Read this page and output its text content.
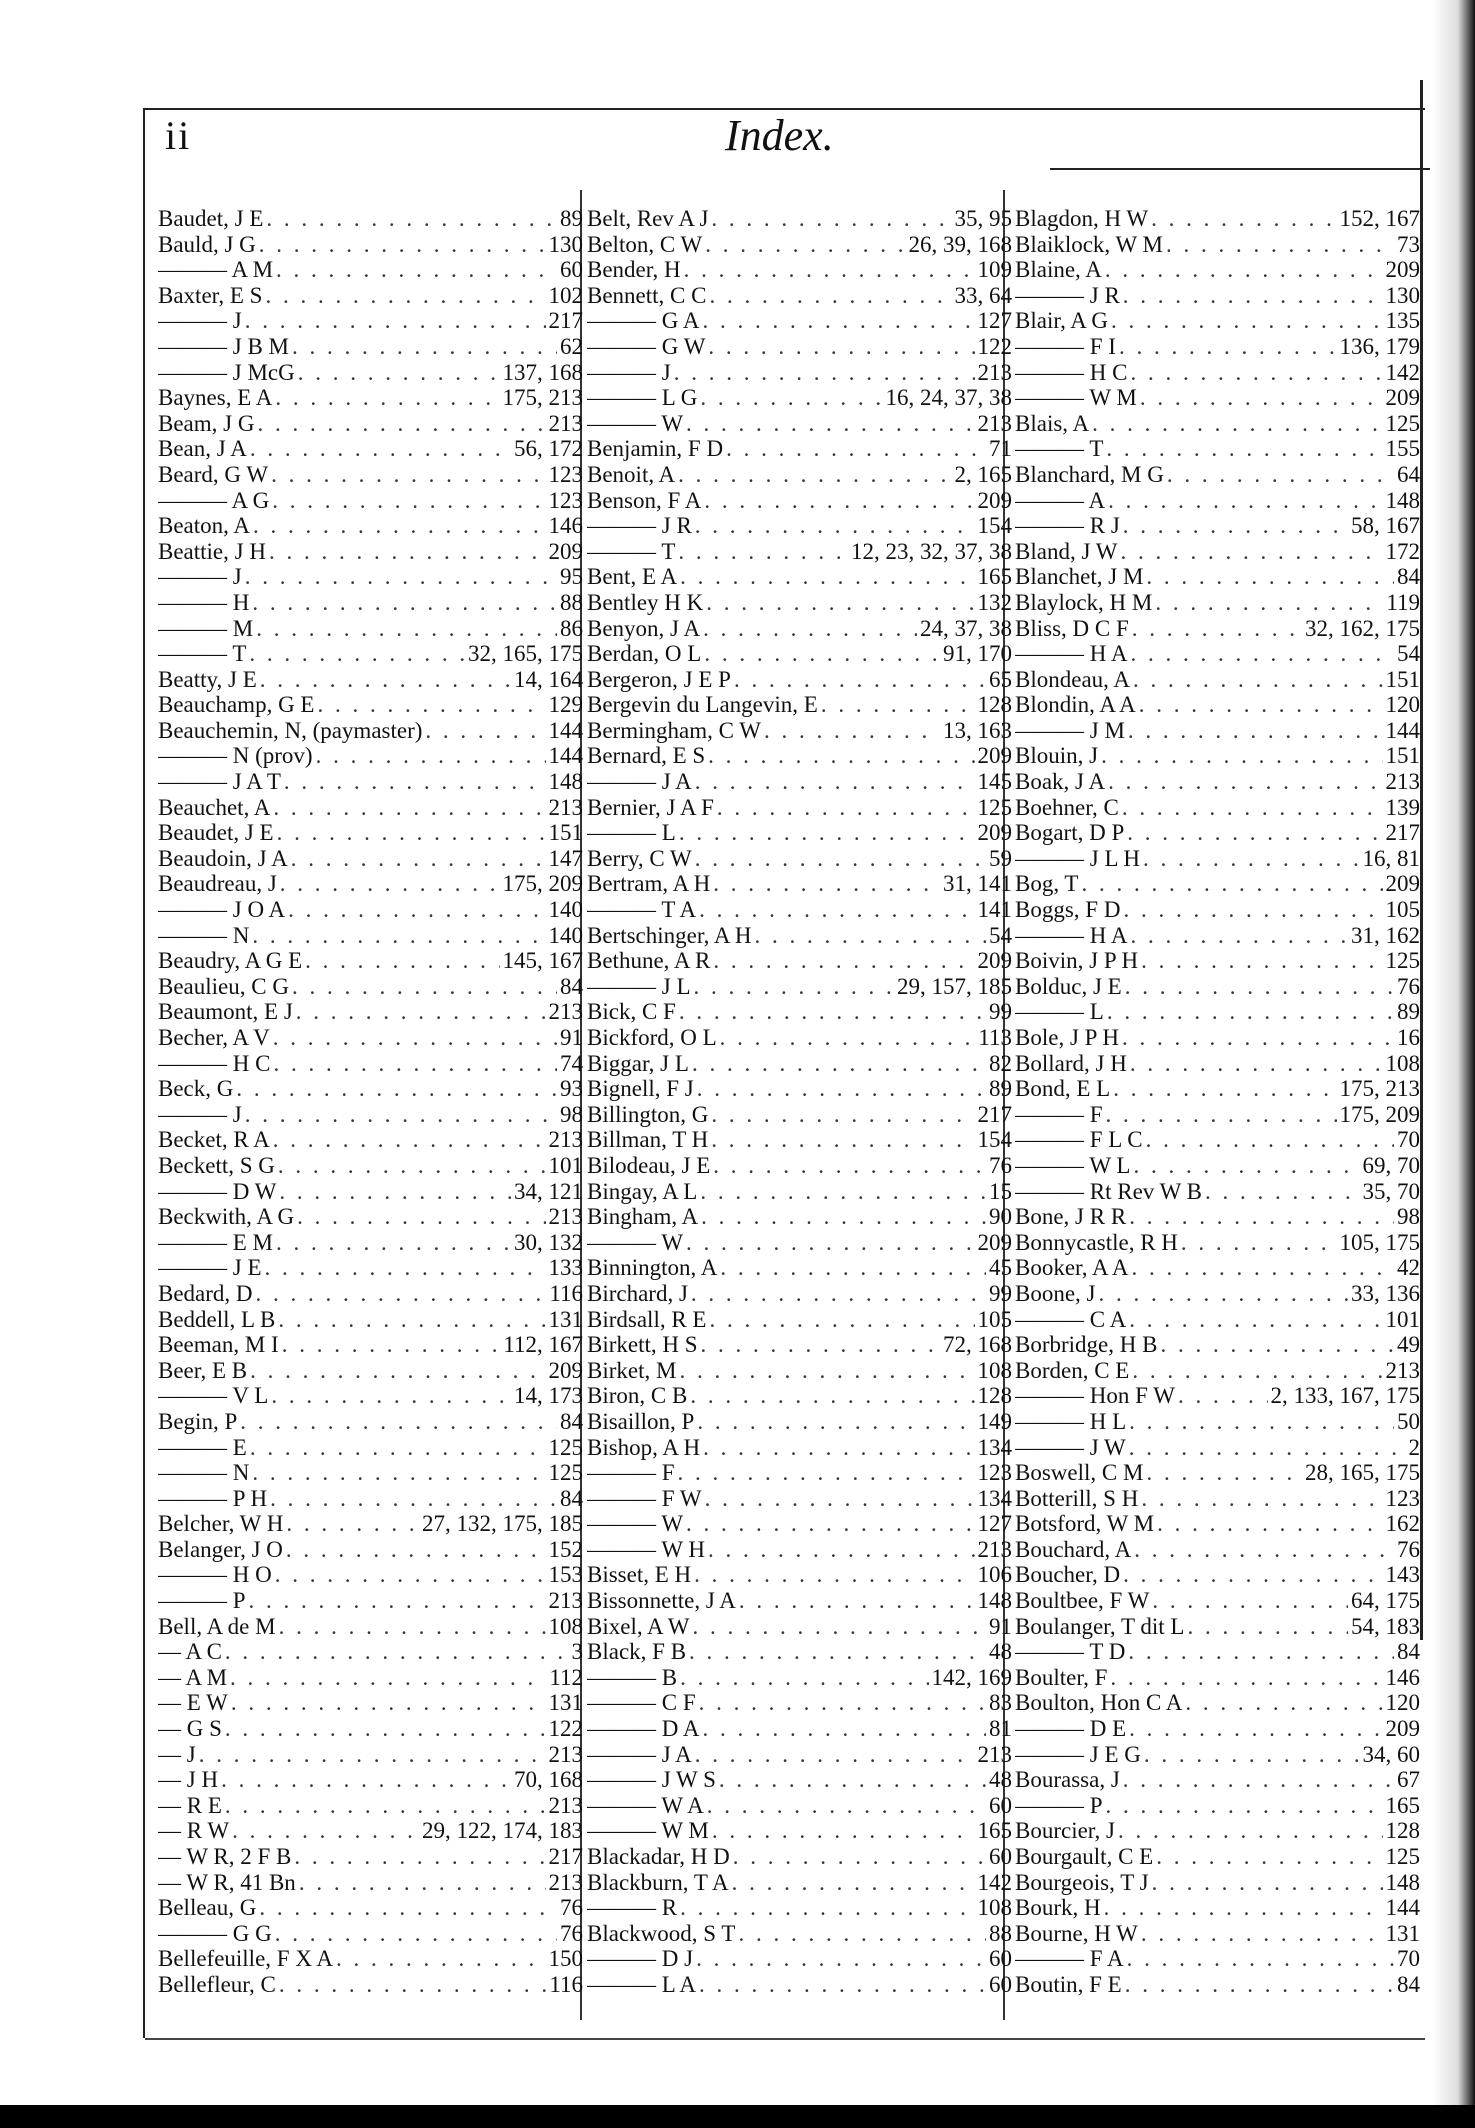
ii	Index.
Baudet, J E . . .	89
Bauld, J G . . .	130
——— A M . . .	60
Baxter, E S . . .	102
——— J . . .	217
——— J B M . . .	62
——— J McG . . .	137, 168
Baynes, E A . . .	175, 213
Beam, J G . . .	213
Bean, J A . . .	56, 172
Beard, G W . . .	123
——— A G . . .	123
Beaton, A . . .	146
Beattie, J H . . .	209
——— J . . .	95
——— H . . .	88
——— M . . .	86
——— T . . .	32, 165, 175
Beatty, J E . . .	14, 164
Beauchamp, G E . . .	129
Beauchemin, N, (paymaster) . . .	144
——— N (prov) . . .	144
——— J A T . . .	148
Beauchet, A . . .	213
Beaudet, J E . . .	151
Beaudoin, J A . . .	147
Beaudreau, J . . .	175, 209
——— J O A . . .	140
——— N . . .	140
Beaudry, A G E . . .	145, 167
Beaulieu, C G . . .	84
Beaumont, E J . . .	213
Becher, A V . . .	91
——— H C . . .	74
Beck, G . . .	93
——— J . . .	98
Becket, R A . . .	213
Beckett, S G . . .	101
——— D W . . .	34, 121
Beckwith, A G . . .	213
——— E M . . .	30, 132
——— J E . . .	133
Bedard, D . . .	116
Beddell, L B . . .	131
Beeman, M I . . .	112, 167
Beer, E B . . .	209
——— V L . . .	14, 173
Begin, P . . .	84
——— E . . .	125
——— N . . .	125
——— P H . . .	84
Belcher, W H . . .	27, 132, 175, 185
Belanger, J O . . .	152
——— H O . . .	153
——— P . . .	213
Bell, A de M . . .	108
— A C . . .	3
— A M . . .	112
— E W . . .	131
— G S . . .	122
— J . . .	213
— J H . . .	70, 168
— R E . . .	213
— R W . . .	29, 122, 174, 183
— W R, 2 F B . . .	217
— W R, 41 Bn . . .	213
Belleau, G . . .	76
——— G G . . .	76
Bellefeuille, F X A . . .	150
Bellefleur, C . . .	116
Belt, Rev A J . . .	35, 95
Belton, C W . . .	26, 39, 168
Bender, H . . .	109
Bennett, C C . . .	33, 64
——— G A . . .	127
——— G W . . .	122
——— J . . .	213
——— L G . . .	16, 24, 37, 38
——— W . . .	213
Benjamin, F D . . .	71
Benoit, A . . .	2, 165
Benson, F A . . .	209
——— J R . . .	154
——— T . . .	12, 23, 32, 37, 38
Bent, E A . . .	165
Bentley H K . . .	132
Benyon, J A . . .	24, 37, 38
Berdan, O L . . .	91, 170
Bergeron, J E P . . .	65
Bergevin du Langevin, E . . .	128
Bermingham, C W . . .	13, 163
Bernard, E S . . .	209
——— J A . . .	145
Bernier, J A F . . .	125
——— L . . .	209
Berry, C W . . .	59
Bertram, A H . . .	31, 141
——— T A . . .	141
Bertschinger, A H . . .	54
Bethune, A R . . .	209
——— J L . . .	29, 157, 185
Bick, C F . . .	99
Bickford, O L . . .	113
Biggar, J L . . .	82
Bignell, F J . . .	89
Billington, G . . .	217
Billman, T H . . .	154
Bilodeau, J E . . .	76
Bingay, A L . . .	15
Bingham, A . . .	90
——— W . . .	209
Binnington, A . . .	45
Birchard, J . . .	99
Birdsall, R E . . .	105
Birkett, H S . . .	72, 168
Birket, M . . .	108
Biron, C B . . .	128
Bisaillon, P . . .	149
Bishop, A H . . .	134
——— F . . .	123
——— F W . . .	134
——— W . . .	127
——— W H . . .	213
Bisset, E H . . .	106
Bissonnette, J A . . .	148
Bixel, A W . . .	91
Black, F B . . .	48
——— B . . .	142, 169
——— C F . . .	83
——— D A . . .	81
——— J A . . .	213
——— J W S . . .	48
——— W A . . .	60
——— W M . . .	165
Blackadar, H D . . .	60
Blackburn, T A . . .	142
——— R . . .	108
Blackwood, S T . . .	88
——— D J . . .	60
——— L A . . .	60
Blagdon, H W . . .	152, 167
Blaiklock, W M . . .	73
Blaine, A . . .	209
——— J R . . .	130
Blair, A G . . .	135
——— F I . . .	136, 179
——— H C . . .	142
——— W M . . .	209
Blais, A . . .	125
——— T . . .	155
Blanchard, M G . . .	64
——— A . . .	148
——— R J . . .	58, 167
Bland, J W . . .	172
Blanchet, J M . . .	84
Blaylock, H M . . .	119
Bliss, D C F . . .	32, 162, 175
——— H A . . .	54
Blondeau, A . . .	151
Blondin, A A . . .	120
——— J M . . .	144
Blouin, J . . .	151
Boak, J A . . .	213
Boehner, C . . .	139
Bogart, D P . . .	217
——— J L H . . .	16, 81
Bog, T . . .	209
Boggs, F D . . .	105
——— H A . . .	31, 162
Boivin, J P H . . .	125
Bolduc, J E . . .	76
——— L . . .	89
Bole, J P H . . .	16
Bollard, J H . . .	108
Bond, E L . . .	175, 213
——— F . . .	175, 209
——— F L C . . .	70
——— W L . . .	69, 70
——— Rt Rev W B . . .	35, 70
Bone, J R R . . .	98
Bonnycastle, R H . . .	105, 175
Booker, A A . . .	42
Boone, J . . .	33, 136
——— C A . . .	101
Borbridge, H B . . .	49
Borden, C E . . .	213
——— Hon F W . . .	2, 133, 167, 175
——— H L . . .	50
——— J W . . .	2
Boswell, C M . . .	28, 165, 175
Botterill, S H . . .	123
Botsford, W M . . .	162
Bouchard, A . . .	76
Boucher, D . . .	143
Boultbee, F W . . .	64, 175
Boulanger, T dit L . . .	54, 183
——— T D . . .	84
Boulter, F . . .	146
Boulton, Hon C A . . .	120
——— D E . . .	209
——— J E G . . .	34, 60
Bourassa, J . . .	67
——— P . . .	165
Bourcier, J . . .	128
Bourgault, C E . . .	125
Bourgeois, T J . . .	148
Bourk, H . . .	144
Bourne, H W . . .	131
——— F A . . .	70
Boutin, F E . . .	84
